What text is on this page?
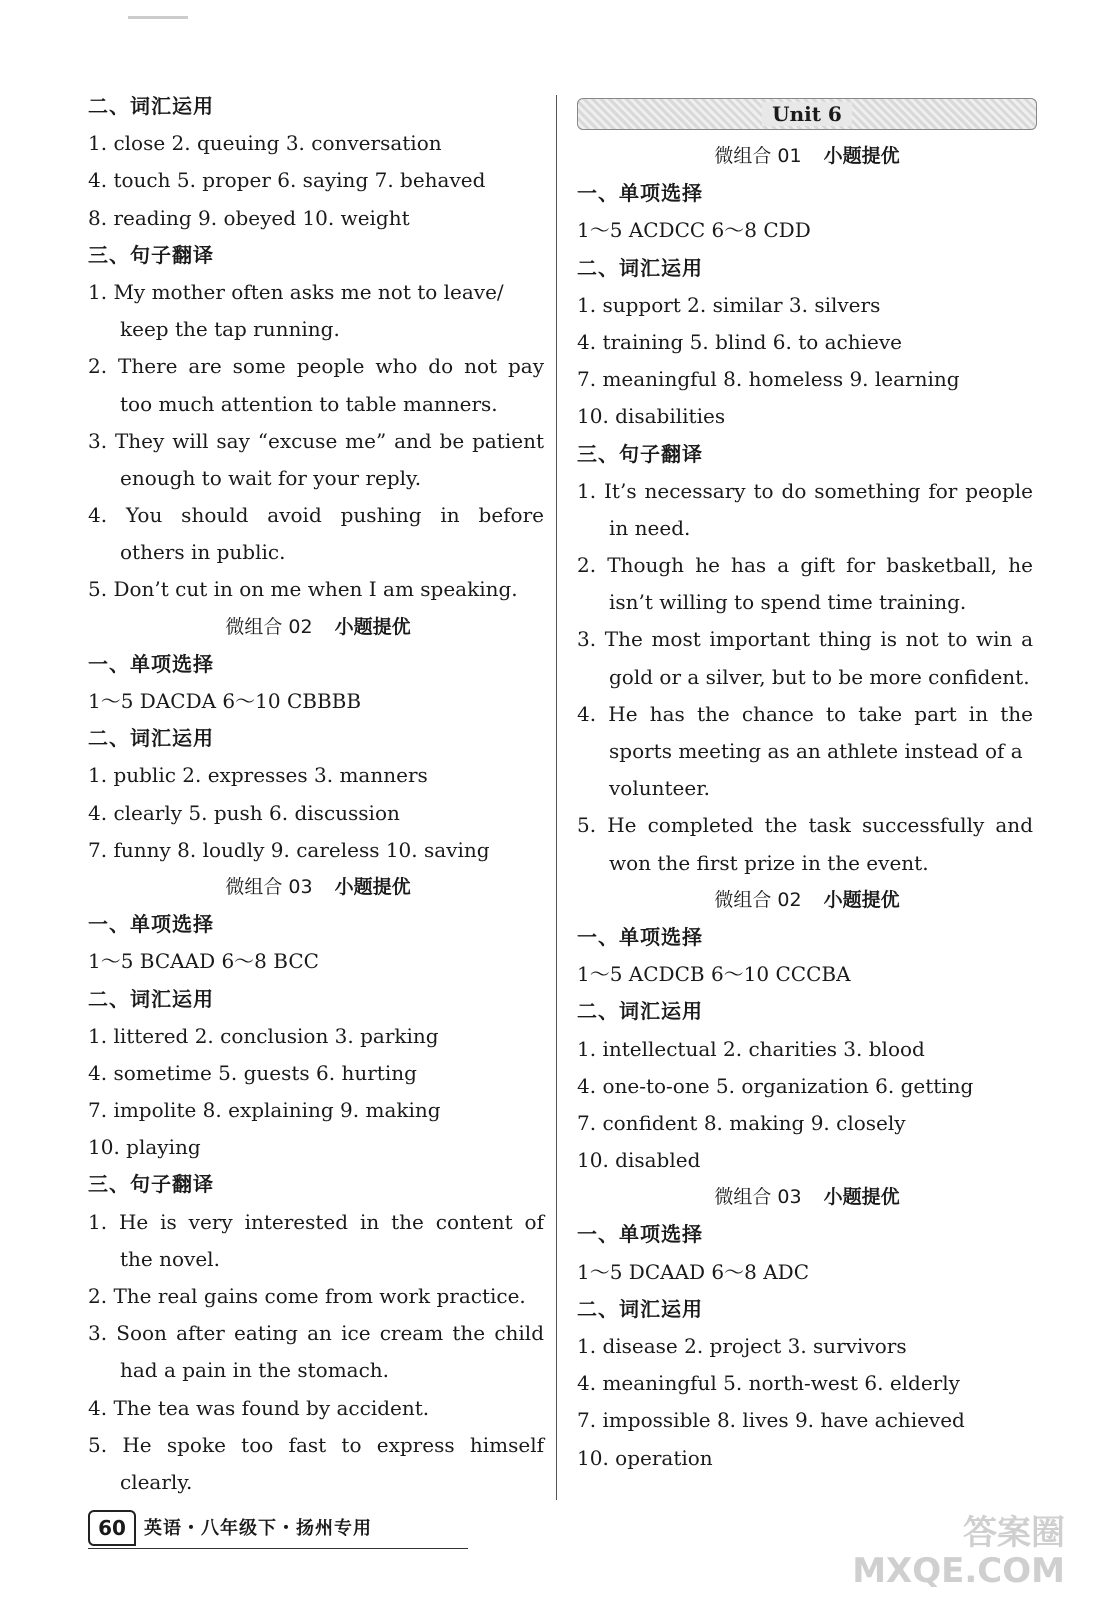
二、词汇运用
1. close 2. queuing 3. conversation
4. touch 5. proper 6. saying 7. behaved
8. reading 9. obeyed 10. weight
三、句子翻译
1. My mother often asks me not to leave/
keep the tap running.
2. There are some people who do not pay
too much attention to table manners.
3. They will say “excuse me” and be patient
enough to wait for your reply.
4. You should avoid pushing in before
others in public.
5. Don’t cut in on me when I am speaking.
微组合 02 小题提优
一、单项选择
1～5 DACDA 6～10 CBBBB
二、词汇运用
1. public 2. expresses 3. manners
4. clearly 5. push 6. discussion
7. funny 8. loudly 9. careless 10. saving
微组合 03 小题提优
一、单项选择
1～5 BCAAD 6～8 BCC
二、词汇运用
1. littered 2. conclusion 3. parking
4. sometime 5. guests 6. hurting
7. impolite 8. explaining 9. making
10. playing
三、句子翻译
1. He is very interested in the content of
the novel.
2. The real gains come from work practice.
3. Soon after eating an ice cream the child
had a pain in the stomach.
4. The tea was found by accident.
5. He spoke too fast to express himself
clearly.
Unit 6
微组合 01 小题提优
一、单项选择
1～5 ACDCC 6～8 CDD
二、词汇运用
1. support 2. similar 3. silvers
4. training 5. blind 6. to achieve
7. meaningful 8. homeless 9. learning
10. disabilities
三、句子翻译
1. It’s necessary to do something for people
in need.
2. Though he has a gift for basketball, he
isn’t willing to spend time training.
3. The most important thing is not to win a
gold or a silver, but to be more confident.
4. He has the chance to take part in the
sports meeting as an athlete instead of a
volunteer.
5. He completed the task successfully and
won the first prize in the event.
微组合 02 小题提优
一、单项选择
1～5 ACDCB 6～10 CCCBA
二、词汇运用
1. intellectual 2. charities 3. blood
4. one-to-one 5. organization 6. getting
7. confident 8. making 9. closely
10. disabled
微组合 03 小题提优
一、单项选择
1～5 DCAAD 6～8 ADC
二、词汇运用
1. disease 2. project 3. survivors
4. meaningful 5. north-west 6. elderly
7. impossible 8. lives 9. have achieved
10. operation
60	英语・八年级下・扬州专用	答案圈
MXQE.COM
